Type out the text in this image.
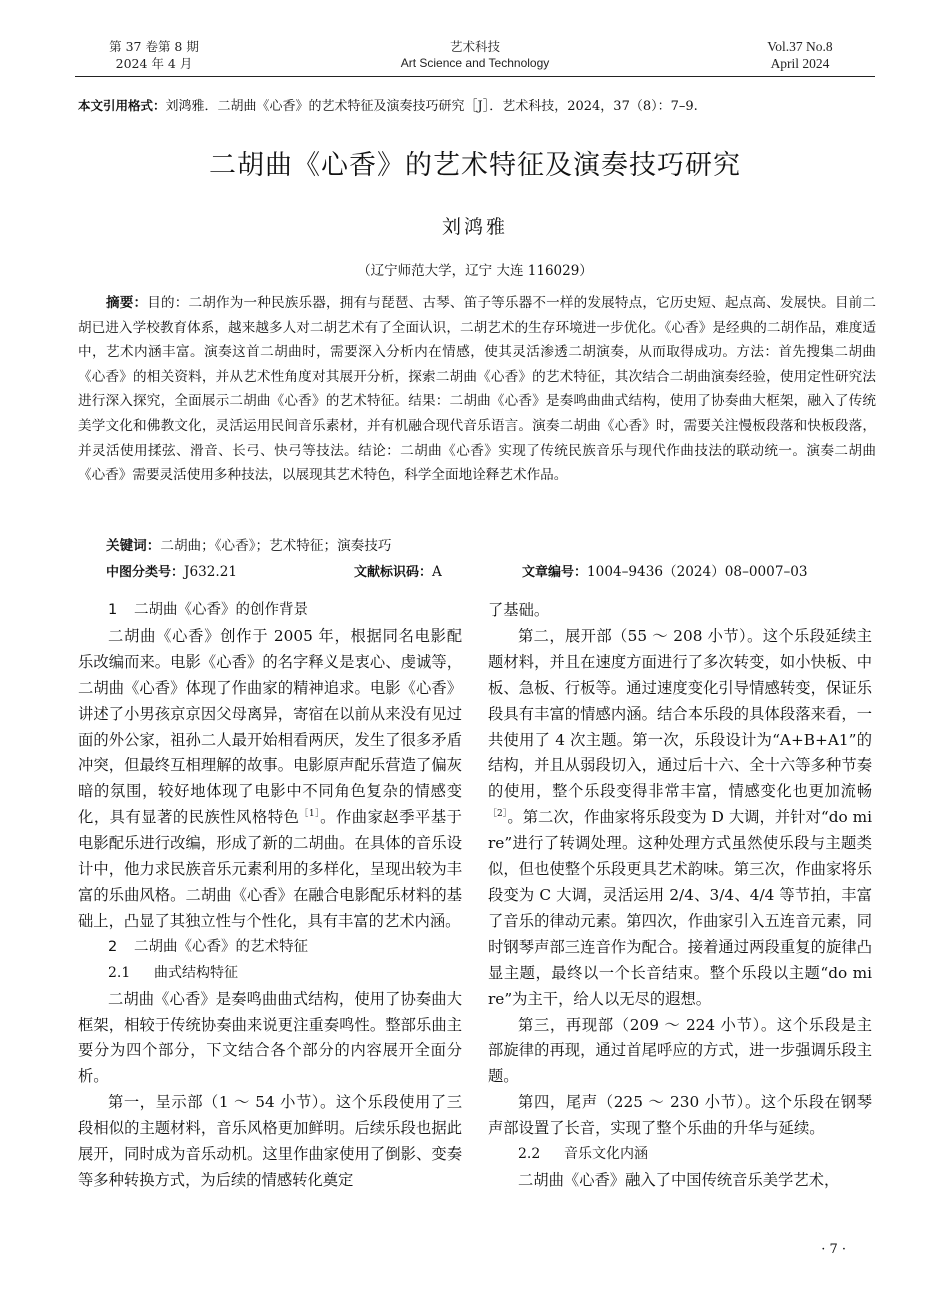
第 37 卷第 8 期
2024 年 4 月
艺术科技
Art Science and Technology
Vol.37 No.8
April 2024
本文引用格式：刘鸿雅．二胡曲《心香》的艺术特征及演奏技巧研究［J］．艺术科技，2024，37（8）：7–9.
二胡曲《心香》的艺术特征及演奏技巧研究
刘鸿雅
（辽宁师范大学，辽宁 大连 116029）
摘要：目的：二胡作为一种民族乐器，拥有与琵琶、古琴、笛子等乐器不一样的发展特点，它历史短、起点高、发展快。目前二胡已进入学校教育体系，越来越多人对二胡艺术有了全面认识，二胡艺术的生存环境进一步优化。《心香》是经典的二胡作品，难度适中，艺术内涵丰富。演奏这首二胡曲时，需要深入分析内在情感，使其灵活渗透二胡演奏，从而取得成功。方法：首先搜集二胡曲《心香》的相关资料，并从艺术性角度对其展开分析，探索二胡曲《心香》的艺术特征，其次结合二胡曲演奏经验，使用定性研究法进行深入探究，全面展示二胡曲《心香》的艺术特征。结果：二胡曲《心香》是奏鸣曲曲式结构，使用了协奏曲大框架，融入了传统美学文化和佛教文化，灵活运用民间音乐素材，并有机融合现代音乐语言。演奏二胡曲《心香》时，需要关注慢板段落和快板段落，并灵活使用揉弦、滑音、长弓、快弓等技法。结论：二胡曲《心香》实现了传统民族音乐与现代作曲技法的联动统一。演奏二胡曲《心香》需要灵活使用多种技法，以展现其艺术特色，科学全面地诠释艺术作品。
关键词：二胡曲；《心香》；艺术特征；演奏技巧
中图分类号：J632.21	文献标识码：A	文章编号：1004–9436（2024）08–0007–03

1 二胡曲《心香》的创作背景

二胡曲《心香》创作于 2005 年，根据同名电影配乐改编而来。电影《心香》的名字释义是衷心、虔诚等，二胡曲《心香》体现了作曲家的精神追求。电影《心香》讲述了小男孩京京因父母离异，寄宿在以前从来没有见过面的外公家，祖孙二人最开始相看两厌，发生了很多矛盾冲突，但最终互相理解的故事。电影原声配乐营造了偏灰暗的氛围，较好地体现了电影中不同角色复杂的情感变化，具有显著的民族性风格特色$^{[1]}$。作曲家赵季平基于电影配乐进行改编，形成了新的二胡曲。在具体的音乐设计中，他力求民族音乐元素利用的多样化，呈现出较为丰富的乐曲风格。二胡曲《心香》在融合电影配乐材料的基础上，凸显了其独立性与个性化，具有丰富的艺术内涵。

2 二胡曲《心香》的艺术特征

2.1 曲式结构特征

二胡曲《心香》是奏鸣曲曲式结构，使用了协奏曲大框架，相较于传统协奏曲来说更注重奏鸣性。整部乐曲主要分为四个部分，下文结合各个部分的内容展开全面分析。

第一，呈示部（1 ～ 54 小节）。这个乐段使用了三段相似的主题材料，音乐风格更加鲜明。后续乐段也据此展开，同时成为音乐动机。这里作曲家使用了倒影、变奏等多种转换方式，为后续的情感转化奠定

了基础。

第二，展开部（55 ～ 208 小节）。这个乐段延续主题材料，并且在速度方面进行了多次转变，如小快板、中板、急板、行板等。通过速度变化引导情感转变，保证乐段具有丰富的情感内涵。结合本乐段的具体段落来看，一共使用了 4 次主题。第一次，乐段设计为“A+B+A1”的结构，并且从弱段切入，通过后十六、全十六等多种节奏的使用，整个乐段变得非常丰富，情感变化也更加流畅$^{[2]}$。第二次，作曲家将乐段变为 D 大调，并针对“do mi re”进行了转调处理。这种处理方式虽然使乐段与主题类似，但也使整个乐段更具艺术韵味。第三次，作曲家将乐段变为 C 大调，灵活运用 2/4、3/4、4/4 等节拍，丰富了音乐的律动元素。第四次，作曲家引入五连音元素，同时钢琴声部三连音作为配合。接着通过两段重复的旋律凸显主题，最终以一个长音结束。整个乐段以主题“do mi re”为主干，给人以无尽的遐想。

第三，再现部（209 ～ 224 小节）。这个乐段是主部旋律的再现，通过首尾呼应的方式，进一步强调乐段主题。

第四，尾声（225 ～ 230 小节）。这个乐段在钢琴声部设置了长音，实现了整个乐曲的升华与延续。

2.2 音乐文化内涵

二胡曲《心香》融入了中国传统音乐美学艺术，

· 7 ·
